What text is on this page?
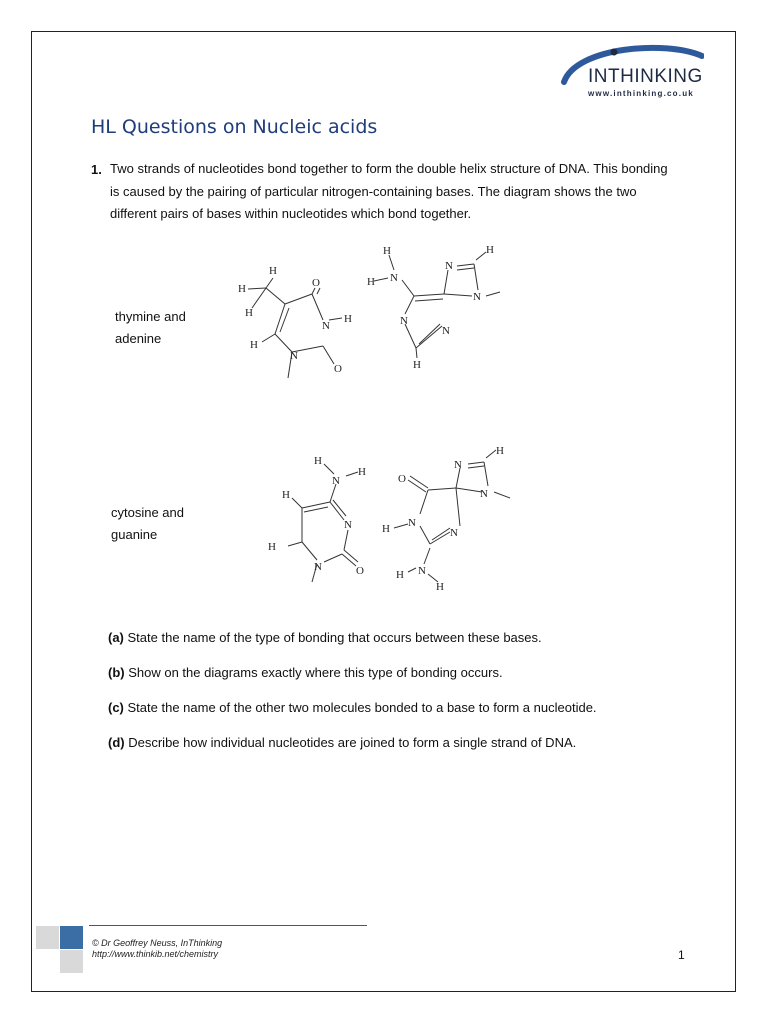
INTHINKING
www.inthinking.co.uk
HL Questions on Nucleic acids
1. Two strands of nucleotides bond together to form the double helix structure of DNA. This bonding is caused by the pairing of particular nitrogen-containing bases. The diagram shows the two different pairs of bases within nucleotides which bond together.
thymine and
adenine
cytosine and
guanine
H
H
H
O
N
H
H
N
O
H
H N
N
H
N
N
N
H
H
N
H
H
N
H
N	O
O
N
H
N
H N
N
H N
H
(a) State the name of the type of bonding that occurs between these bases.
(b) Show on the diagrams exactly where this type of bonding occurs.
(c) State the name of the other two molecules bonded to a base to form a nucleotide.
(d) Describe how individual nucleotides are joined to form a single strand of DNA.
© Dr Geoffrey Neuss, InThinking
http://www.thinkib.net/chemistry	1
